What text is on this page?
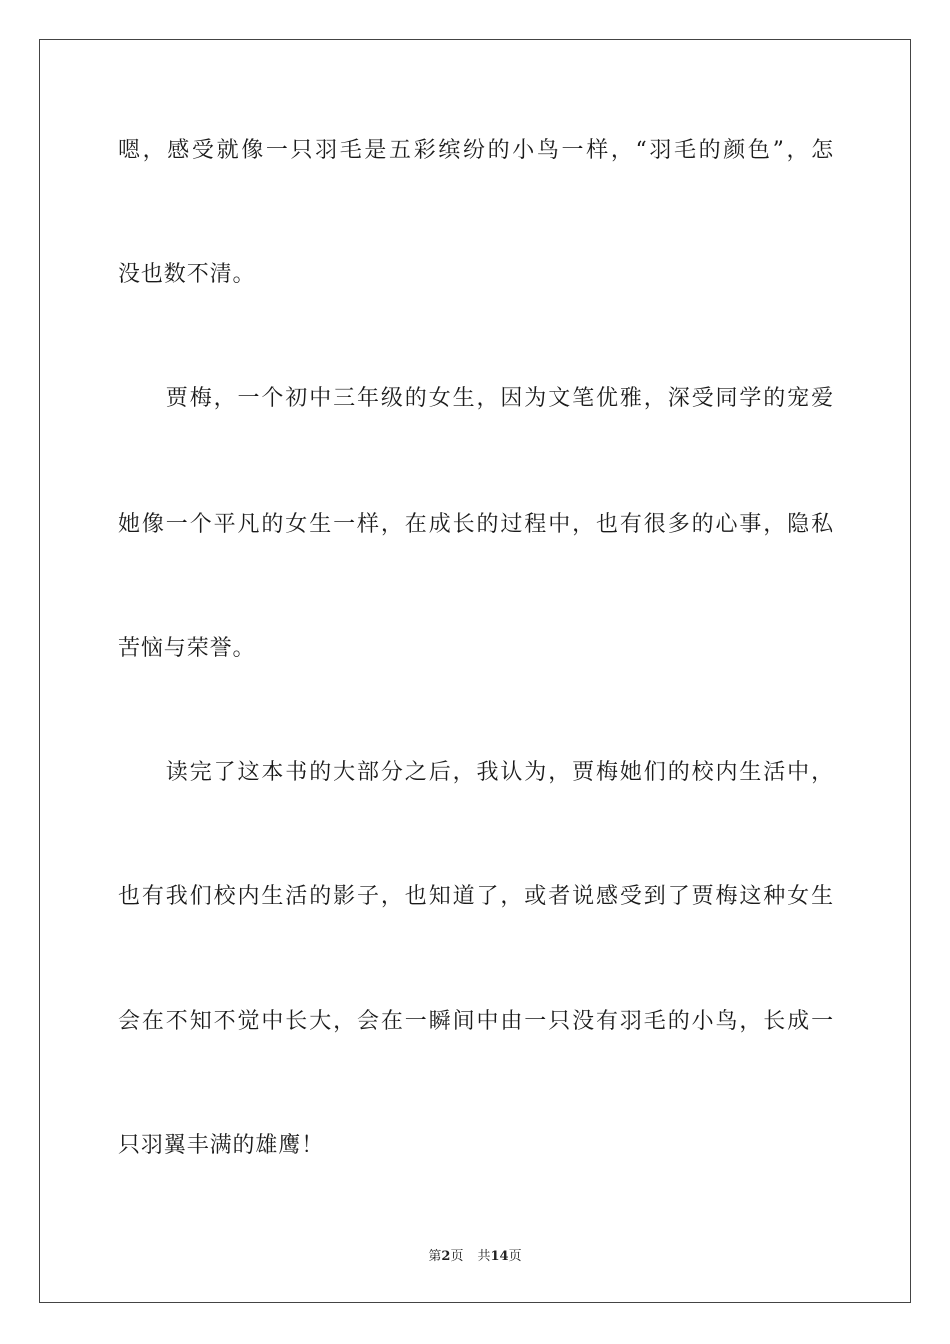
嗯，感受就像一只羽毛是五彩缤纷的小鸟一样，“羽毛的颜色”，怎
没也数不清。
　　贾梅，一个初中三年级的女生，因为文笔优雅，深受同学的宠爱
她像一个平凡的女生一样，在成长的过程中，也有很多的心事，隐私
苦恼与荣誉。
　　读完了这本书的大部分之后，我认为，贾梅她们的校内生活中，
也有我们校内生活的影子，也知道了，或者说感受到了贾梅这种女生
会在不知不觉中长大，会在一瞬间中由一只没有羽毛的小鸟，长成一
只羽翼丰满的雄鹰！
第2页 共14页
